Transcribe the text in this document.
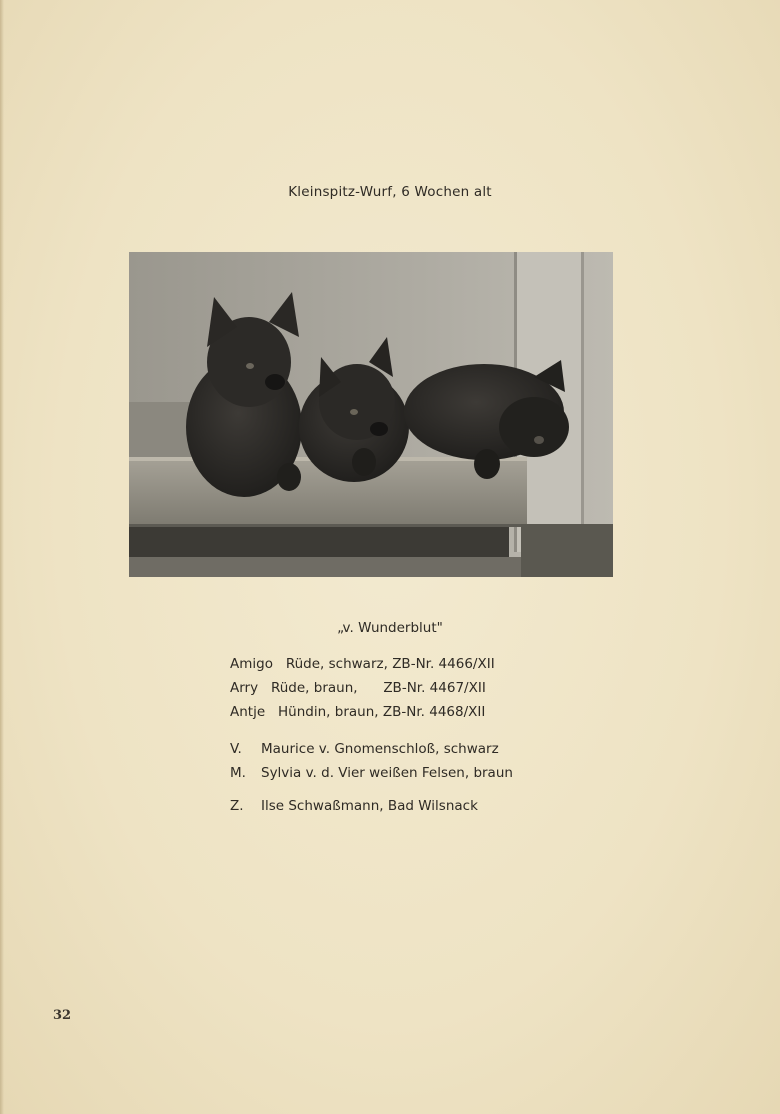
Kleinspitz-Wurf, 6 Wochen alt
„v. Wunderblut"
Amigo Rüde, schwarz, ZB-Nr. 4466/XII
Arry Rüde, braun, ZB-Nr. 4467/XII
Antje Hündin, braun, ZB-Nr. 4468/XII
V. Maurice v. Gnomenschloß, schwarz
M. Sylvia v. d. Vier weißen Felsen, braun
Z. Ilse Schwaßmann, Bad Wilsnack
32
